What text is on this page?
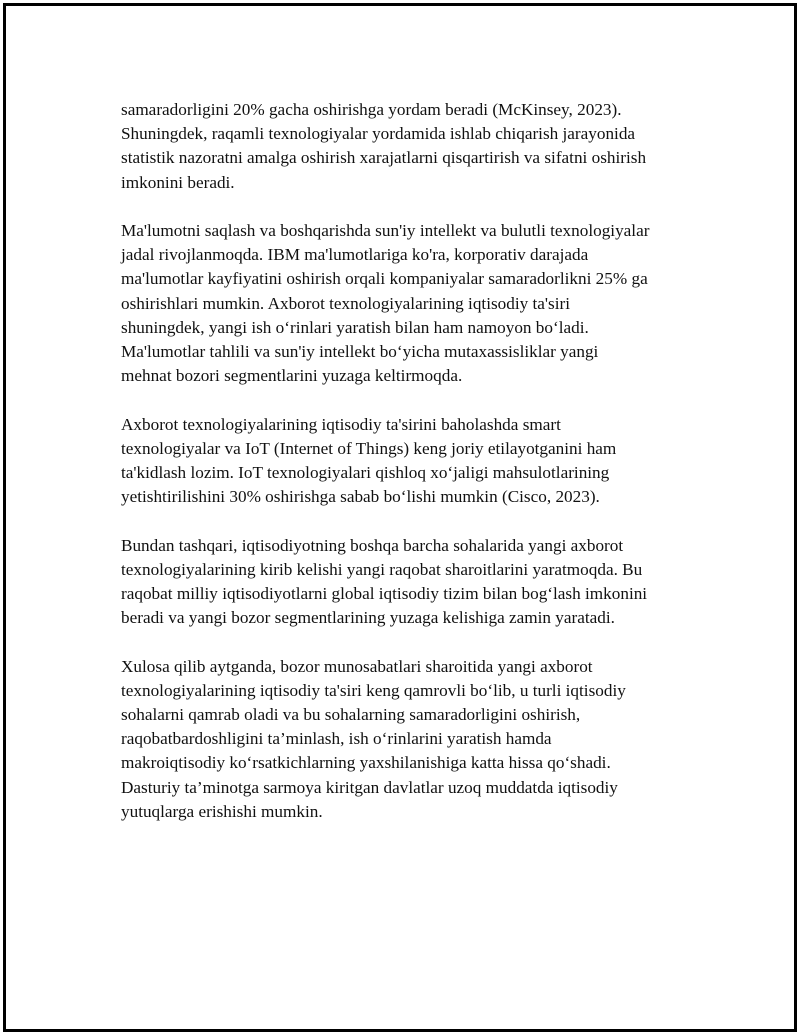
samaradorligini 20% gacha oshirishga yordam beradi (McKinsey, 2023).
Shuningdek, raqamli texnologiyalar yordamida ishlab chiqarish jarayonida
statistik nazoratni amalga oshirish xarajatlarni qisqartirish va sifatni oshirish
imkonini beradi.

Ma'lumotni saqlash va boshqarishda sun'iy intellekt va bulutli texnologiyalar
jadal rivojlanmoqda. IBM ma'lumotlariga ko'ra, korporativ darajada
ma'lumotlar kayfiyatini oshirish orqali kompaniyalar samaradorlikni 25% ga
oshirishlari mumkin. Axborot texnologiyalarining iqtisodiy ta'siri
shuningdek, yangi ish o‘rinlari yaratish bilan ham namoyon bo‘ladi.
Ma'lumotlar tahlili va sun'iy intellekt bo‘yicha mutaxassisliklar yangi
mehnat bozori segmentlarini yuzaga keltirmoqda.

Axborot texnologiyalarining iqtisodiy ta'sirini baholashda smart
texnologiyalar va IoT (Internet of Things) keng joriy etilayotganini ham
ta'kidlash lozim. IoT texnologiyalari qishloq xo‘jaligi mahsulotlarining
yetishtirilishini 30% oshirishga sabab bo‘lishi mumkin (Cisco, 2023).

Bundan tashqari, iqtisodiyotning boshqa barcha sohalarida yangi axborot
texnologiyalarining kirib kelishi yangi raqobat sharoitlarini yaratmoqda. Bu
raqobat milliy iqtisodiyotlarni global iqtisodiy tizim bilan bog‘lash imkonini
beradi va yangi bozor segmentlarining yuzaga kelishiga zamin yaratadi.

Xulosa qilib aytganda, bozor munosabatlari sharoitida yangi axborot
texnologiyalarining iqtisodiy ta'siri keng qamrovli bo‘lib, u turli iqtisodiy
sohalarni qamrab oladi va bu sohalarning samaradorligini oshirish,
raqobatbardoshligini ta’minlash, ish o‘rinlarini yaratish hamda
makroiqtisodiy ko‘rsatkichlarning yaxshilanishiga katta hissa qo‘shadi.
Dasturiy ta’minotga sarmoya kiritgan davlatlar uzoq muddatda iqtisodiy
yutuqlarga erishishi mumkin.
